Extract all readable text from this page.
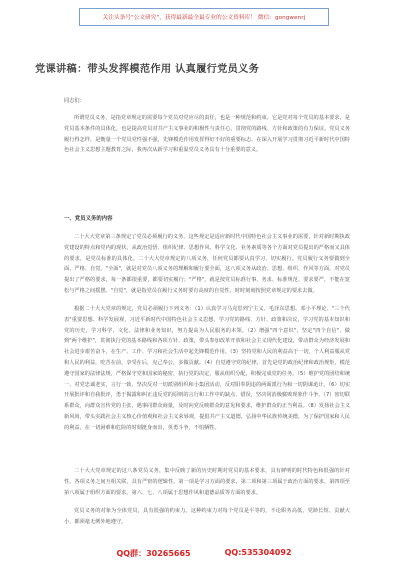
关注头条号"公文研究"，获得最新最全最专业的公文资料库！ 微信：gongwenrj
党课讲稿：带头发挥模范作用 认真履行党员义务
同志们：

所谓党员义务，是指党章规定的需要每个党员对党应尽的责任，也是一种规范和约束。它是党对每个党员的基本要求，是党员基本条件的具体化，也是提高党员对共产主义事业的积极性与责任心，贯彻党的路线、方针和政策的有力保证。党员义务履行得怎样，是衡量一个党员党性强不强，先锋模范作用发挥得好不好的重要标志。在深入开展学习贯彻习近平新时代中国特色社会主义思想主题教育之际，我再次从新学习和重温党员义务具有十分重要的意义。

一、党员义务的内容

二十大大党章第三条规定了党员必须履行的义务。这些规定是适应新时代中国特色社会主义事业的需要，针对新时期执政党建设的特点和党内的现状，从政治觉悟、组织纪律、思想作风、科学文化、业务素质等各个方面对党员提出的严格而又具体的要求，是党员标准的具体化。二十大大党章规定的八项义务，任何党员都要认真学习、切实履行。党员履行义务要做到全面、严格、自觉。"全面"，就是对党员八项义务的理解和履行要全面，这八项义务从政治、思想、组织、作风等方面，对党员提出了严格的要求，每一条都很重要，都要切实履行；"严格"，就是按党员标准行事，务求、标准规范、要求要严，不能在宽松与严格之间摇摆。"自觉"，就是指党员在履行义务时要有高度的自觉性，时时刻刻按照党章规定的要求去做。

根据二十大大党章的规定，党员必须履行下列义务：（1）认真学习马克思列宁主义、毛泽东思想、邓小平理论、"三个代表"重要思想、科学发展观，习近平新时代中国特色社会主义思想，学习党的路线、方针、政策和决议，学习党的基本知识和党的历史，学习科学、文化、法律和业务知识，努力提高为人民服务的本领。（2）增强"四个意识"，坚定"四个自信"，做到"两个维护"，贯彻执行党的基本路线和各项方针、政策，带头参加改革开放和社会主义现代化建设，带动群众为经济发展和社会进步艰苦奋斗，在生产、工作、学习和社会生活中起先锋模范作用。（3）坚持党和人民的利益高于一切，个人利益服从党和人民的利益，吃苦在前，享受在后，克己奉公，多做贡献。（4）自觉遵守党的纪律，首先是党的政治纪律和政治规矩，模范遵守国家的法律法规，严格保守党和国家的秘密，执行党的决定，服从组织分配，积极完成党的任务。（5）维护党的团结和统一，对党忠诚老实，言行一致，坚决反对一切派别组织和小集团活动，反对阳奉阴违的两面派行为和一切阴谋诡计。（6）切实开展批评和自我批评，勇于揭露和纠正违反党的原则的言行和工作中的缺点、错误，坚决同消极腐败现象作斗争。（7）密切联系群众，向群众宣传党的主张，遇事同群众商量，及时向党反映群众的意见和要求，维护群众的正当利益。（8）发扬社会主义新风尚，带头实践社会主义核心价值观和社会主义荣辱观，提倡共产主义道德，弘扬中华民族传统美德，为了保护国家和人民的利益，在一切困难和危险的时刻挺身而出，英勇斗争，不怕牺牲。

二十大大党章规定的这八条党员义务，集中反映了新的历史时期对党员的基本要求，具有鲜明的时代特色和很强的针对性。各项义务之间互相关联，具有严密的逻辑性。第一项是学习方面的要求，第二项和第三项属于政治方面的要求，第四项至第八项属于组织方面的要求。第六、七、八项属于思想作风和道德品质等方面的要求。

党员义务的对象为全体党员，具有很强的约束力。这种约束力对每个党员是平等的，不论职务高低、党龄长短、贡献大小，都须毫无例外地遵守。

QQ群：30265665	QQ:535304092
